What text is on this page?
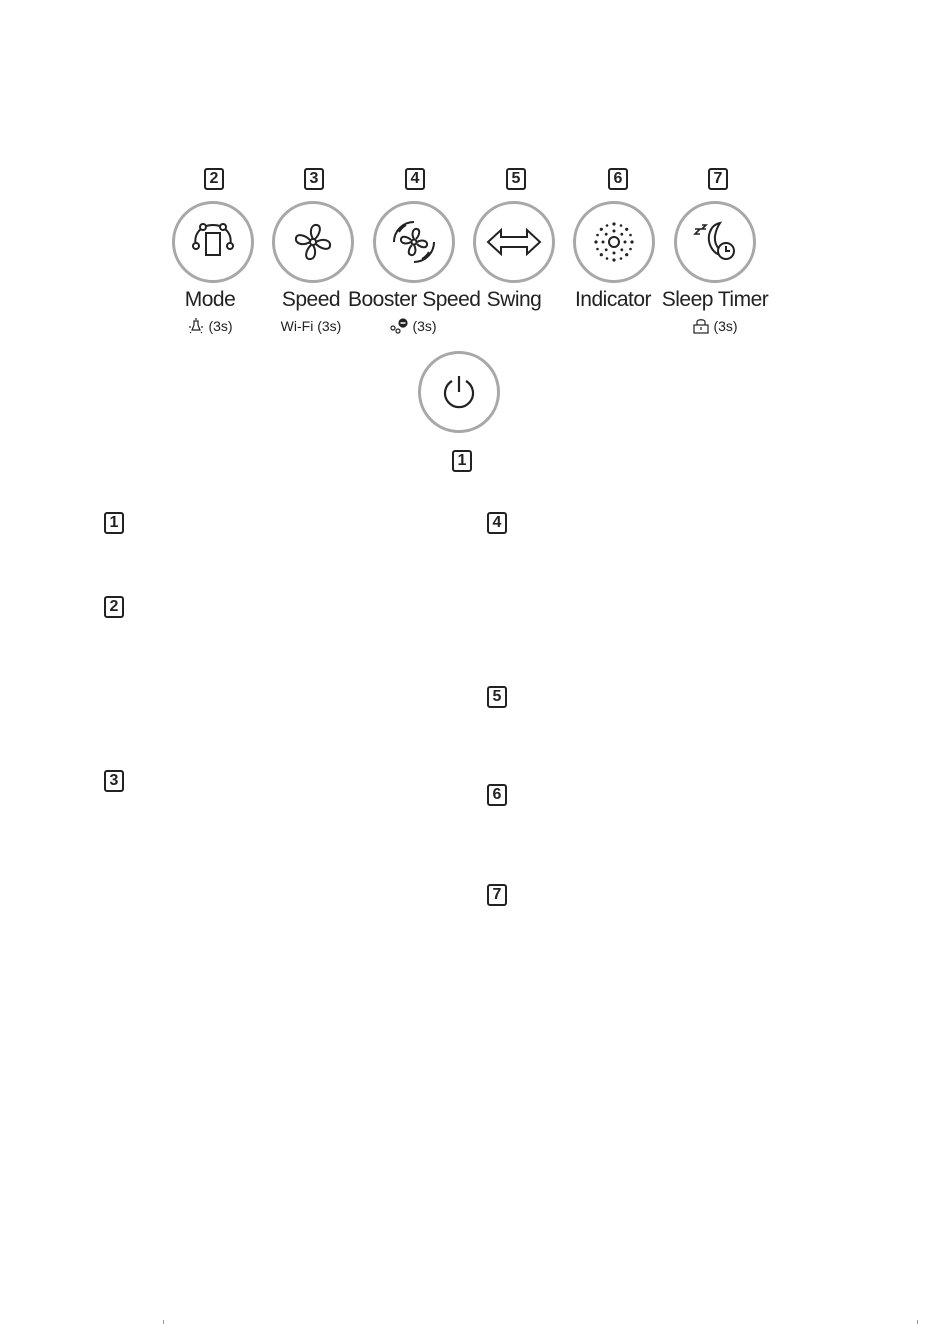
2	3	4	5	6	7
Mode	Speed Booster Speed Swing	Indicator Sleep Timer
(3s)	Wi-Fi (3s)	(3s)	(3s)
1
1
2
3
4
5
6
7
